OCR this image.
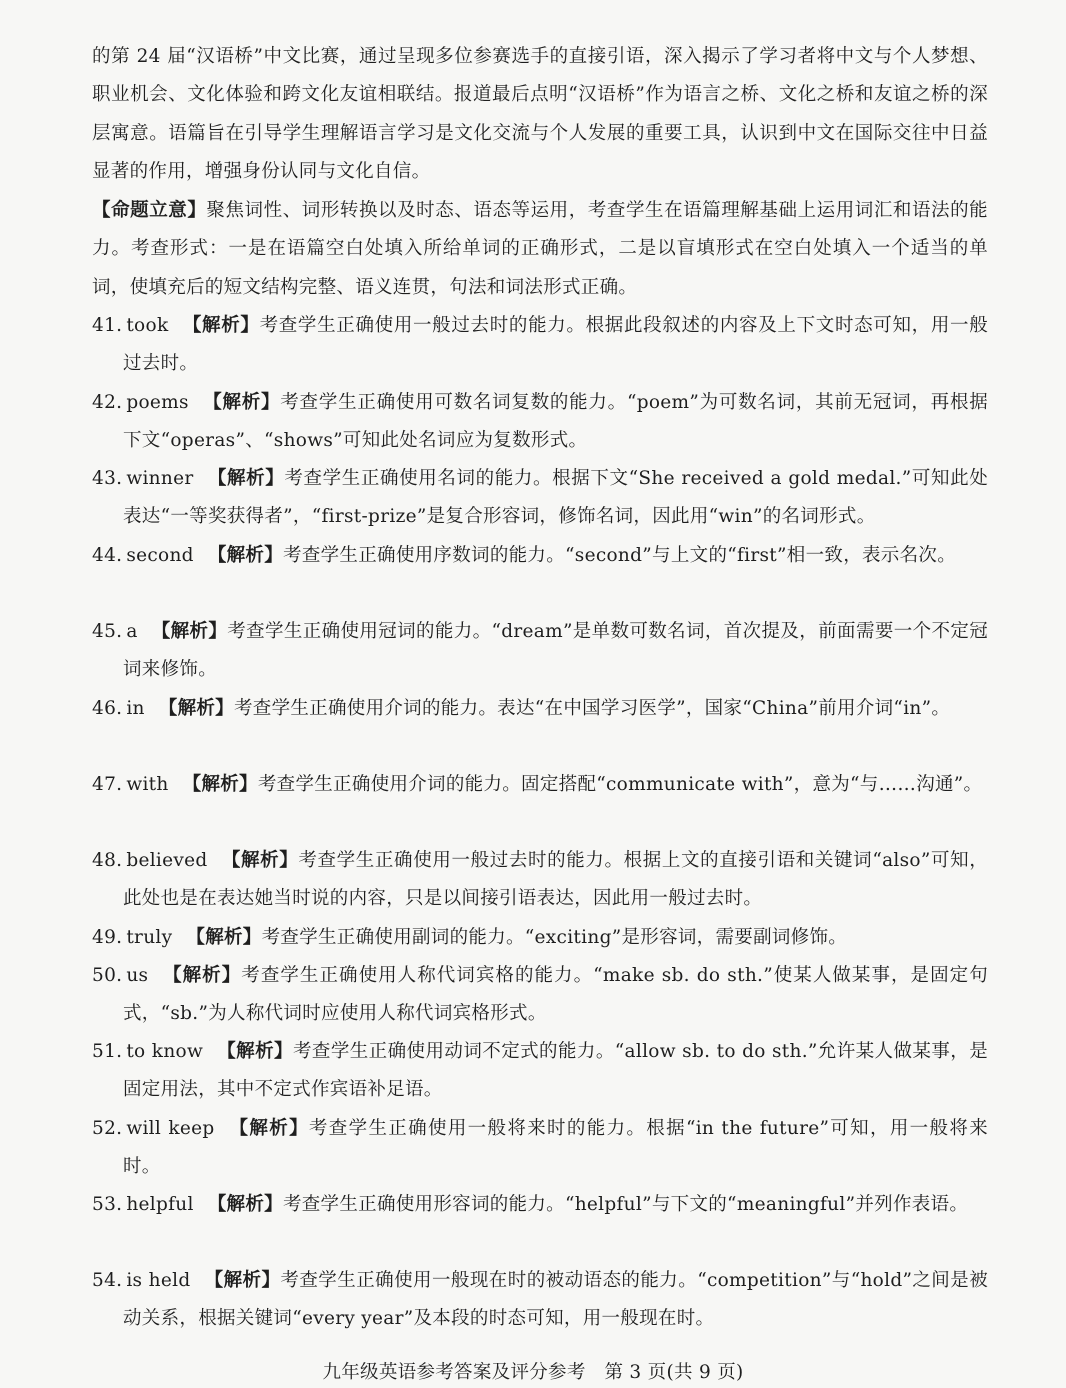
的第 24 届“汉语桥”中文比赛，通过呈现多位参赛选手的直接引语，深入揭示了学习者将中文与个人梦想、职业机会、文化体验和跨文化友谊相联结。报道最后点明“汉语桥”作为语言之桥、文化之桥和友谊之桥的深层寓意。语篇旨在引导学生理解语言学习是文化交流与个人发展的重要工具，认识到中文在国际交往中日益显著的作用，增强身份认同与文化自信。

【命题立意】聚焦词性、词形转换以及时态、语态等运用，考查学生在语篇理解基础上运用词汇和语法的能力。考查形式：一是在语篇空白处填入所给单词的正确形式，二是以盲填形式在空白处填入一个适当的单词，使填充后的短文结构完整、语义连贯，句法和词法形式正确。

41. took 【解析】考查学生正确使用一般过去时的能力。根据此段叙述的内容及上下文时态可知，用一般过去时。
42. poems 【解析】考查学生正确使用可数名词复数的能力。“poem”为可数名词，其前无冠词，再根据下文“operas”、“shows”可知此处名词应为复数形式。
43. winner 【解析】考查学生正确使用名词的能力。根据下文“She received a gold medal.”可知此处表达“一等奖获得者”，“first-prize”是复合形容词，修饰名词，因此用“win”的名词形式。
44. second 【解析】考查学生正确使用序数词的能力。“second”与上文的“first”相一致，表示名次。
45. a 【解析】考查学生正确使用冠词的能力。“dream”是单数可数名词，首次提及，前面需要一个不定冠词来修饰。
46. in 【解析】考查学生正确使用介词的能力。表达“在中国学习医学”，国家“China”前用介词“in”。
47. with 【解析】考查学生正确使用介词的能力。固定搭配“communicate with”，意为“与……沟通”。
48. believed 【解析】考查学生正确使用一般过去时的能力。根据上文的直接引语和关键词“also”可知，此处也是在表达她当时说的内容，只是以间接引语表达，因此用一般过去时。
49. truly 【解析】考查学生正确使用副词的能力。“exciting”是形容词，需要副词修饰。
50. us 【解析】考查学生正确使用人称代词宾格的能力。“make sb. do sth.”使某人做某事，是固定句式，“sb.”为人称代词时应使用人称代词宾格形式。
51. to know 【解析】考查学生正确使用动词不定式的能力。“allow sb. to do sth.”允许某人做某事，是固定用法，其中不定式作宾语补足语。
52. will keep 【解析】考查学生正确使用一般将来时的能力。根据“in the future”可知，用一般将来时。
53. helpful 【解析】考查学生正确使用形容词的能力。“helpful”与下文的“meaningful”并列作表语。
54. is held 【解析】考查学生正确使用一般现在时的被动语态的能力。“competition”与“hold”之间是被动关系，根据关键词“every year”及本段的时态可知，用一般现在时。
九年级英语参考答案及评分参考　第 3 页(共 9 页)
